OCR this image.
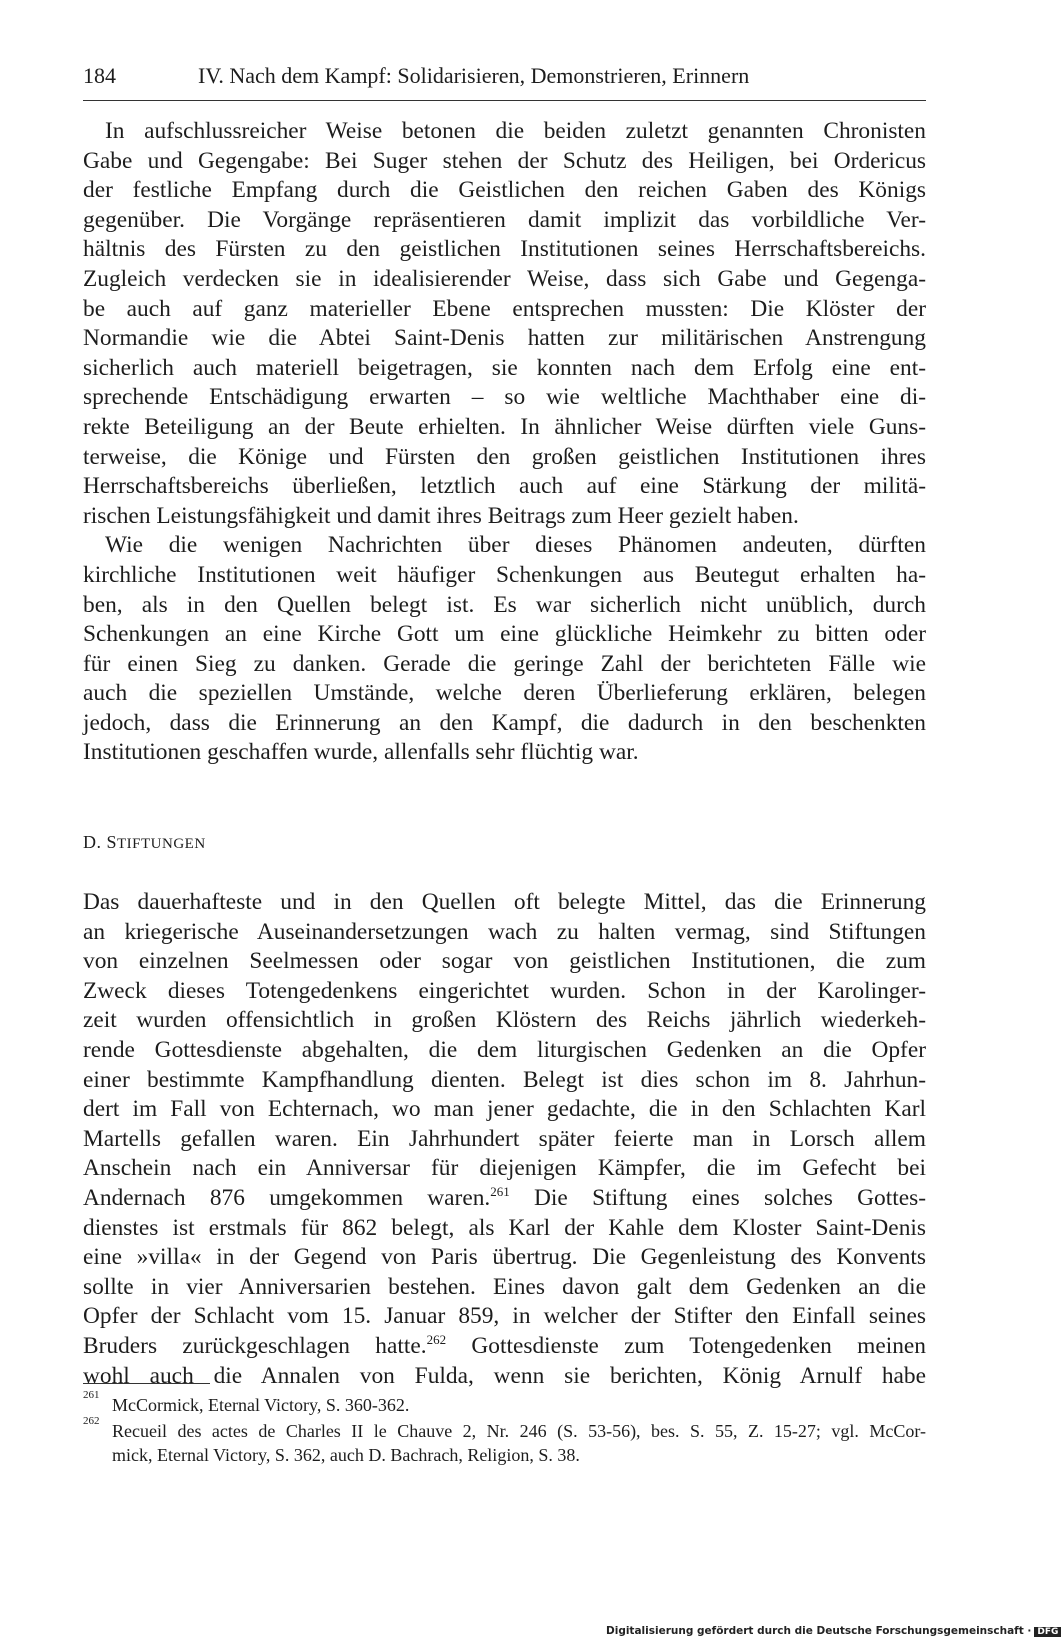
184	IV. Nach dem Kampf: Solidarisieren, Demonstrieren, Erinnern
In aufschlussreicher Weise betonen die beiden zuletzt genannten Chronisten
Gabe und Gegengabe: Bei Suger stehen der Schutz des Heiligen, bei Ordericus
der festliche Empfang durch die Geistlichen den reichen Gaben des Königs
gegenüber. Die Vorgänge repräsentieren damit implizit das vorbildliche Ver-
hältnis des Fürsten zu den geistlichen Institutionen seines Herrschaftsbereichs.
Zugleich verdecken sie in idealisierender Weise, dass sich Gabe und Gegenga-
be auch auf ganz materieller Ebene entsprechen mussten: Die Klöster der
Normandie wie die Abtei Saint-Denis hatten zur militärischen Anstrengung
sicherlich auch materiell beigetragen, sie konnten nach dem Erfolg eine ent-
sprechende Entschädigung erwarten – so wie weltliche Machthaber eine di-
rekte Beteiligung an der Beute erhielten. In ähnlicher Weise dürften viele Guns-
terweise, die Könige und Fürsten den großen geistlichen Institutionen ihres
Herrschaftsbereichs überließen, letztlich auch auf eine Stärkung der militä-
rischen Leistungsfähigkeit und damit ihres Beitrags zum Heer gezielt haben.
Wie die wenigen Nachrichten über dieses Phänomen andeuten, dürften
kirchliche Institutionen weit häufiger Schenkungen aus Beutegut erhalten ha-
ben, als in den Quellen belegt ist. Es war sicherlich nicht unüblich, durch
Schenkungen an eine Kirche Gott um eine glückliche Heimkehr zu bitten oder
für einen Sieg zu danken. Gerade die geringe Zahl der berichteten Fälle wie
auch die speziellen Umstände, welche deren Überlieferung erklären, belegen
jedoch, dass die Erinnerung an den Kampf, die dadurch in den beschenkten
Institutionen geschaffen wurde, allenfalls sehr flüchtig war.
D. STIFTUNGEN
Das dauerhafteste und in den Quellen oft belegte Mittel, das die Erinnerung
an kriegerische Auseinandersetzungen wach zu halten vermag, sind Stiftungen
von einzelnen Seelmessen oder sogar von geistlichen Institutionen, die zum
Zweck dieses Totengedenkens eingerichtet wurden. Schon in der Karolinger-
zeit wurden offensichtlich in großen Klöstern des Reichs jährlich wiederkeh-
rende Gottesdienste abgehalten, die dem liturgischen Gedenken an die Opfer
einer bestimmte Kampfhandlung dienten. Belegt ist dies schon im 8. Jahrhun-
dert im Fall von Echternach, wo man jener gedachte, die in den Schlachten Karl
Martells gefallen waren. Ein Jahrhundert später feierte man in Lorsch allem
Anschein nach ein Anniversar für diejenigen Kämpfer, die im Gefecht bei
Andernach 876 umgekommen waren.$^{261}$ Die Stiftung eines solches Gottes-
dienstes ist erstmals für 862 belegt, als Karl der Kahle dem Kloster Saint-Denis
eine »villa« in der Gegend von Paris übertrug. Die Gegenleistung des Konvents
sollte in vier Anniversarien bestehen. Eines davon galt dem Gedenken an die
Opfer der Schlacht vom 15. Januar 859, in welcher der Stifter den Einfall seines
Bruders zurückgeschlagen hatte.$^{262}$ Gottesdienste zum Totengedenken meinen
wohl auch die Annalen von Fulda, wenn sie berichten, König Arnulf habe
261 McCormick, Eternal Victory, S. 360-362.
262 Recueil des actes de Charles II le Chauve 2, Nr. 246 (S. 53-56), bes. S. 55, Z. 15-27; vgl. McCor-
mick, Eternal Victory, S. 362, auch D. Bachrach, Religion, S. 38.
Digitalisierung gefördert durch die Deutsche Forschungsgemeinschaft · DFG
